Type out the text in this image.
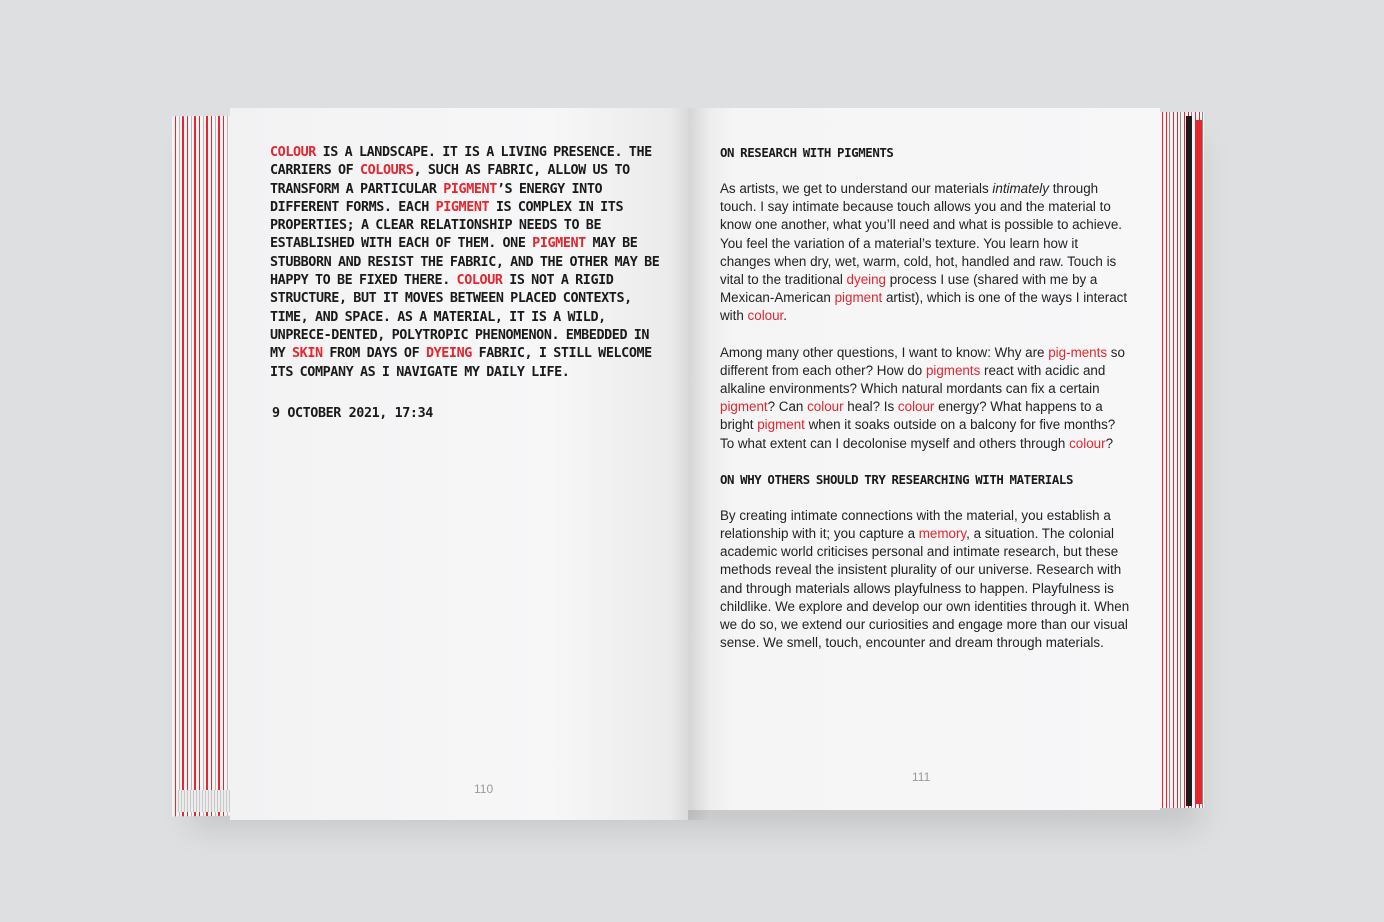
COLOUR IS A LANDSCAPE. IT IS A LIVING PRESENCE. THE CARRIERS OF COLOURS, SUCH AS FABRIC, ALLOW US TO TRANSFORM A PARTICULAR PIGMENT’S ENERGY INTO DIFFERENT FORMS. EACH PIGMENT IS COMPLEX IN ITS PROPERTIES; A CLEAR RELATIONSHIP NEEDS TO BE ESTABLISHED WITH EACH OF THEM. ONE PIGMENT MAY BE STUBBORN AND RESIST THE FABRIC, AND THE OTHER MAY BE HAPPY TO BE FIXED THERE. COLOUR IS NOT A RIGID STRUCTURE, BUT IT MOVES BETWEEN PLACED CONTEXTS, TIME, AND SPACE. AS A MATERIAL, IT IS A WILD, UNPRECE-DENTED, POLYTROPIC PHENOMENON. EMBEDDED IN MY SKIN FROM DAYS OF DYEING FABRIC, I STILL WELCOME ITS COMPANY AS I NAVIGATE MY DAILY LIFE.

9 OCTOBER 2021, 17:34
110
ON RESEARCH WITH PIGMENTS

As artists, we get to understand our materials intimately through touch. I say intimate because touch allows you and the material to know one another, what you’ll need and what is possible to achieve. You feel the variation of a material’s texture. You learn how it changes when dry, wet, warm, cold, hot, handled and raw. Touch is vital to the traditional dyeing process I use (shared with me by a Mexican-American pigment artist), which is one of the ways I interact with colour.

Among many other questions, I want to know: Why are pig-ments so different from each other? How do pigments react with acidic and alkaline environments? Which natural mordants can fix a certain pigment? Can colour heal? Is colour energy? What happens to a bright pigment when it soaks outside on a balcony for five months? To what extent can I decolonise myself and others through colour?

ON WHY OTHERS SHOULD TRY RESEARCHING WITH MATERIALS

By creating intimate connections with the material, you establish a relationship with it; you capture a memory, a situation. The colonial academic world criticises personal and intimate research, but these methods reveal the insistent plurality of our universe. Research with and through materials allows playfulness to happen. Playfulness is childlike. We explore and develop our own identities through it. When we do so, we extend our curiosities and engage more than our visual sense. We smell, touch, encounter and dream through materials.

111
